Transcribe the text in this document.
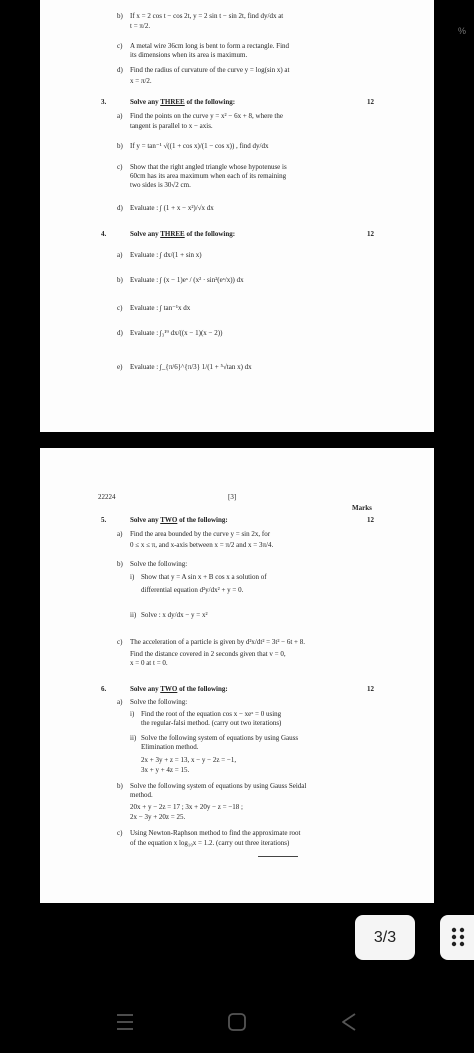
%
b) If x = 2 cos t − cos 2t, y = 2 sin t − sin 2t, find dy/dx at
t = π/2.
c) A metal wire 36cm long is bent to form a rectangle. Find
its dimensions when its area is maximum.
d) Find the radius of curvature of the curve y = log(sin x) at
x = π/2.
3.	Solve any THREE of the following:	12
a) Find the points on the curve y = x² − 6x + 8, where the
tangent is parallel to x − axis.
b) If y = tan⁻¹ √((1 + cos x)/(1 − cos x)) , find dy/dx
c) Show that the right angled triangle whose hypotenuse is
60cm has its area maximum when each of its remaining
two sides is 30√2 cm.
d) Evaluate : ∫ (1 + x − x²)/√x dx
4.	Solve any THREE of the following:	12
a) Evaluate : ∫ dx/(1 + sin x)
b) Evaluate : ∫ (x − 1)eˣ / (x² · sin²(eˣ/x)) dx
c) Evaluate : ∫ tan⁻¹x dx
d) Evaluate : ∫₃¹⁹ dx/((x − 1)(x − 2))
e) Evaluate : ∫_{π/6}^{π/3} 1/(1 + ⁵√tan x) dx
22224	[3]
Marks
5.	Solve any TWO of the following:	12
a) Find the area bounded by the curve y = sin 2x, for
0 ≤ x ≤ π, and x-axis between x = π/2 and x = 3π/4.
b) Solve the following:
i) Show that y = A sin x + B cos x a solution of
differential equation d²y/dx² + y = 0.
ii) Solve : x dy/dx − y = x²
c) The acceleration of a particle is given by d²x/dt² = 3t² − 6t + 8.
Find the distance covered in 2 seconds given that v = 0,
x = 0 at t = 0.
6.	Solve any TWO of the following:	12
a) Solve the following:
i) Find the root of the equation cos x − xeˣ = 0 using
the regular-falsi method. (carry out two iterations)
ii) Solve the following system of equations by using Gauss
Elimination method.
2x + 3y + z = 13, x − y − 2z = −1,
3x + y + 4z = 15.
b) Solve the following system of equations by using Gauss Seidal
method.
20x + y − 2z = 17 ; 3x + 20y − z = −18 ;
2x − 3y + 20z = 25.
c) Using Newton-Raphson method to find the approximate root
of the equation x log₁₀x = 1.2. (carry out three iterations)
3/3
